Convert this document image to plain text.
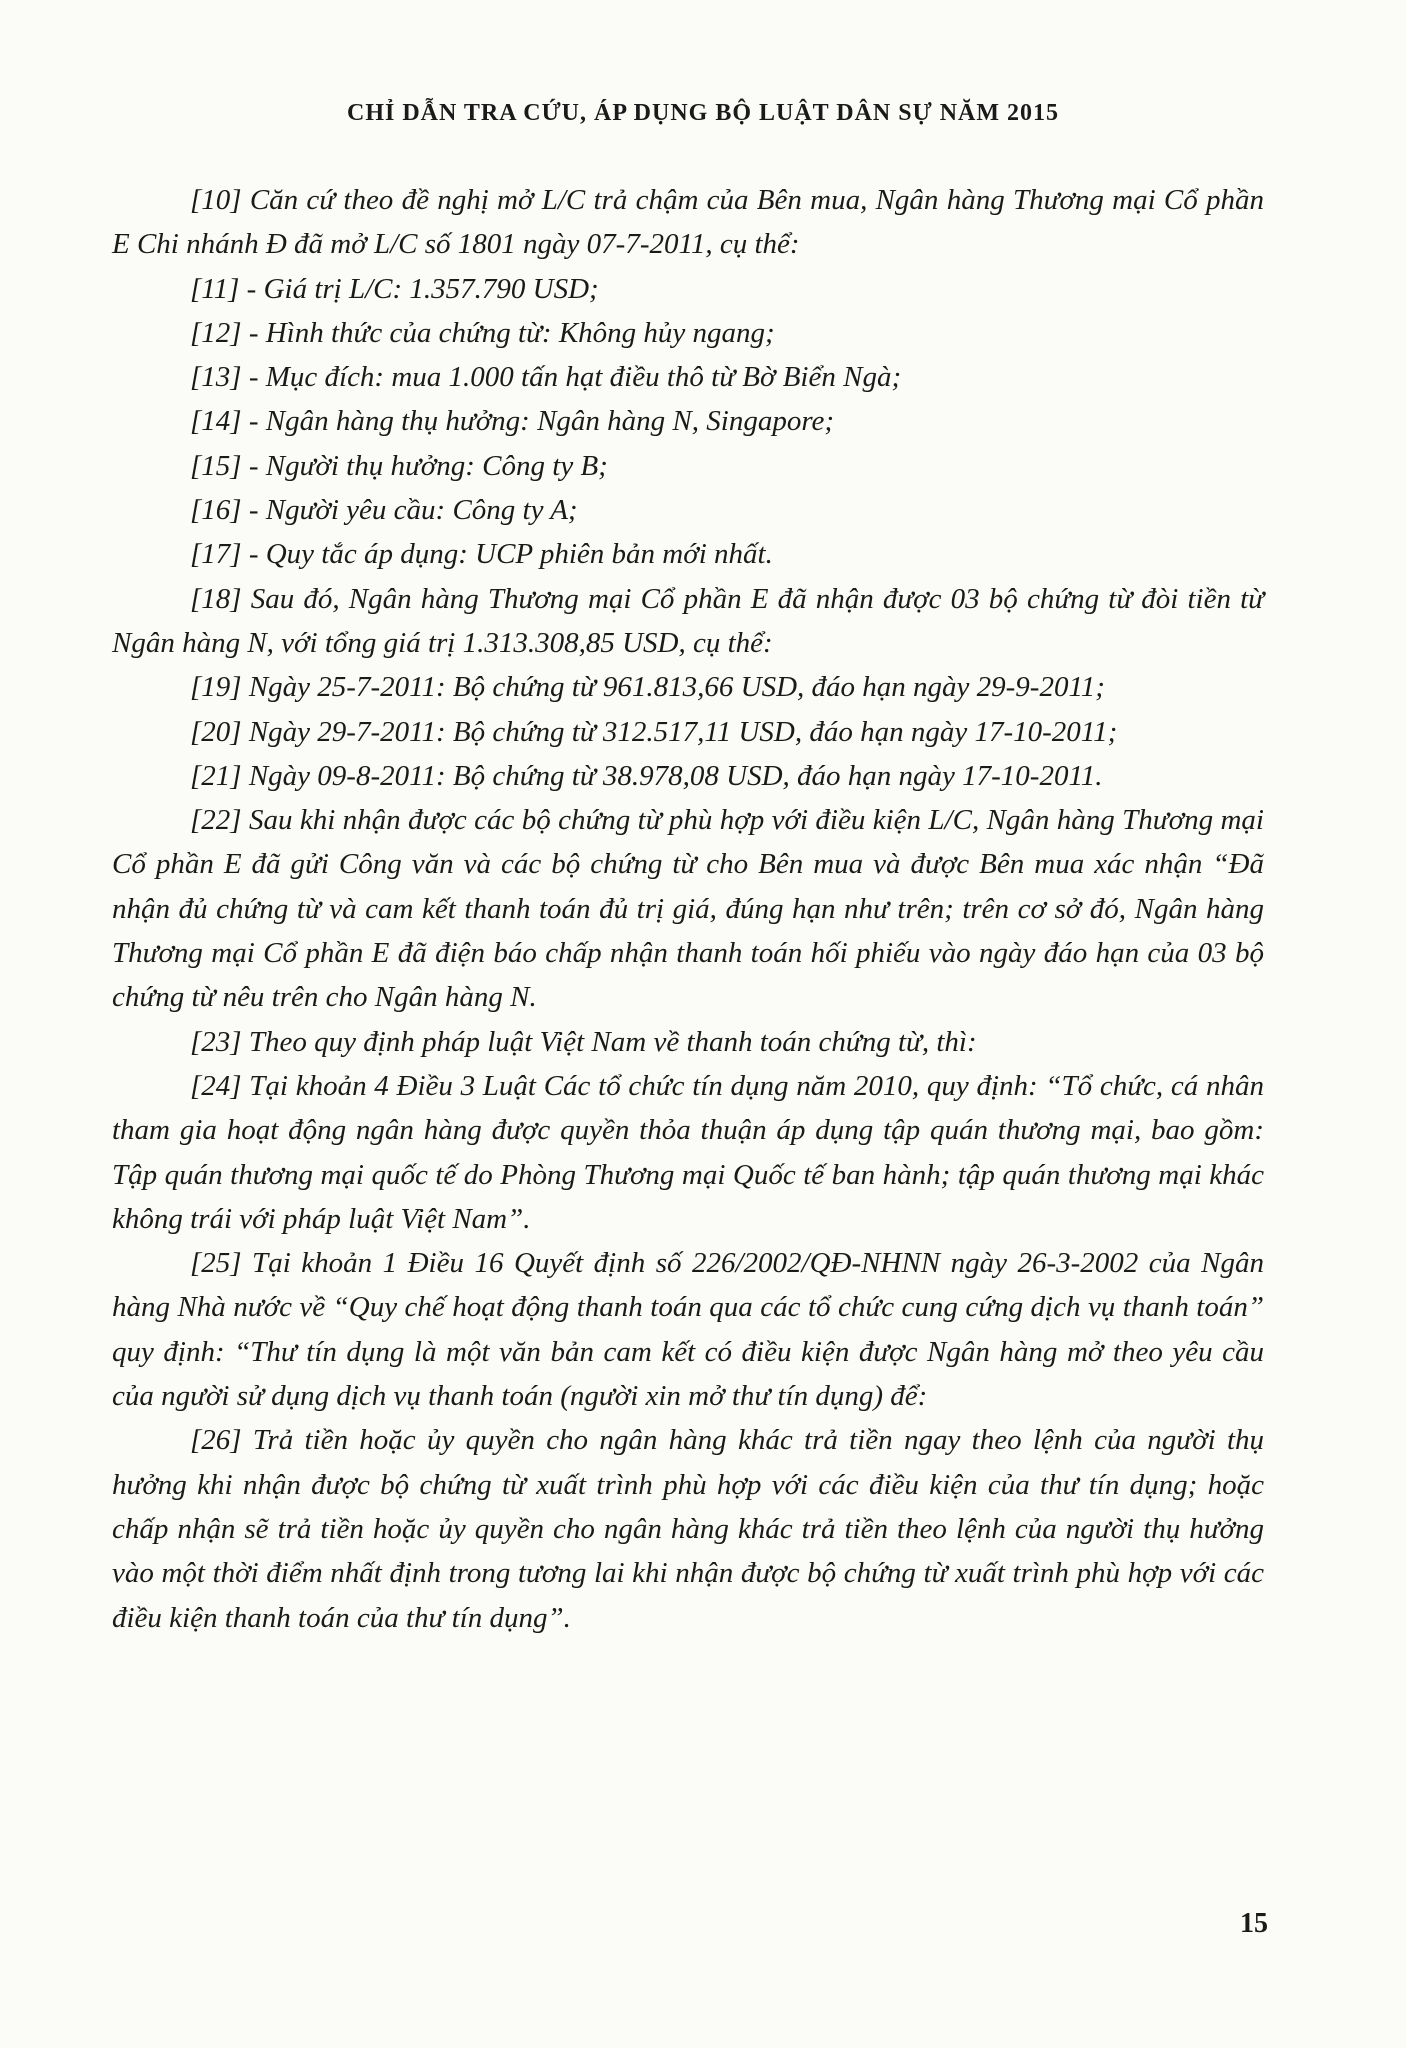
CHỈ DẪN TRA CỨU, ÁP DỤNG BỘ LUẬT DÂN SỰ NĂM 2015

[10] Căn cứ theo đề nghị mở L/C trả chậm của Bên mua, Ngân hàng Thương mại Cổ phần E Chi nhánh Đ đã mở L/C số 1801 ngày 07-7-2011, cụ thể:

[11] - Giá trị L/C: 1.357.790 USD;

[12] - Hình thức của chứng từ: Không hủy ngang;

[13] - Mục đích: mua 1.000 tấn hạt điều thô từ Bờ Biển Ngà;

[14] - Ngân hàng thụ hưởng: Ngân hàng N, Singapore;

[15] - Người thụ hưởng: Công ty B;

[16] - Người yêu cầu: Công ty A;

[17] - Quy tắc áp dụng: UCP phiên bản mới nhất.

[18] Sau đó, Ngân hàng Thương mại Cổ phần E đã nhận được 03 bộ chứng từ đòi tiền từ Ngân hàng N, với tổng giá trị 1.313.308,85 USD, cụ thể:

[19] Ngày 25-7-2011: Bộ chứng từ 961.813,66 USD, đáo hạn ngày 29-9-2011;

[20] Ngày 29-7-2011: Bộ chứng từ 312.517,11 USD, đáo hạn ngày 17-10-2011;

[21] Ngày 09-8-2011: Bộ chứng từ 38.978,08 USD, đáo hạn ngày 17-10-2011.

[22] Sau khi nhận được các bộ chứng từ phù hợp với điều kiện L/C, Ngân hàng Thương mại Cổ phần E đã gửi Công văn và các bộ chứng từ cho Bên mua và được Bên mua xác nhận “Đã nhận đủ chứng từ và cam kết thanh toán đủ trị giá, đúng hạn như trên; trên cơ sở đó, Ngân hàng Thương mại Cổ phần E đã điện báo chấp nhận thanh toán hối phiếu vào ngày đáo hạn của 03 bộ chứng từ nêu trên cho Ngân hàng N.

[23] Theo quy định pháp luật Việt Nam về thanh toán chứng từ, thì:

[24] Tại khoản 4 Điều 3 Luật Các tổ chức tín dụng năm 2010, quy định: “Tổ chức, cá nhân tham gia hoạt động ngân hàng được quyền thỏa thuận áp dụng tập quán thương mại, bao gồm: Tập quán thương mại quốc tế do Phòng Thương mại Quốc tế ban hành; tập quán thương mại khác không trái với pháp luật Việt Nam”.

[25] Tại khoản 1 Điều 16 Quyết định số 226/2002/QĐ-NHNN ngày 26-3-2002 của Ngân hàng Nhà nước về “Quy chế hoạt động thanh toán qua các tổ chức cung cứng dịch vụ thanh toán” quy định: “Thư tín dụng là một văn bản cam kết có điều kiện được Ngân hàng mở theo yêu cầu của người sử dụng dịch vụ thanh toán (người xin mở thư tín dụng) để:

[26] Trả tiền hoặc ủy quyền cho ngân hàng khác trả tiền ngay theo lệnh của người thụ hưởng khi nhận được bộ chứng từ xuất trình phù hợp với các điều kiện của thư tín dụng; hoặc chấp nhận sẽ trả tiền hoặc ủy quyền cho ngân hàng khác trả tiền theo lệnh của người thụ hưởng vào một thời điểm nhất định trong tương lai khi nhận được bộ chứng từ xuất trình phù hợp với các điều kiện thanh toán của thư tín dụng”.

15
